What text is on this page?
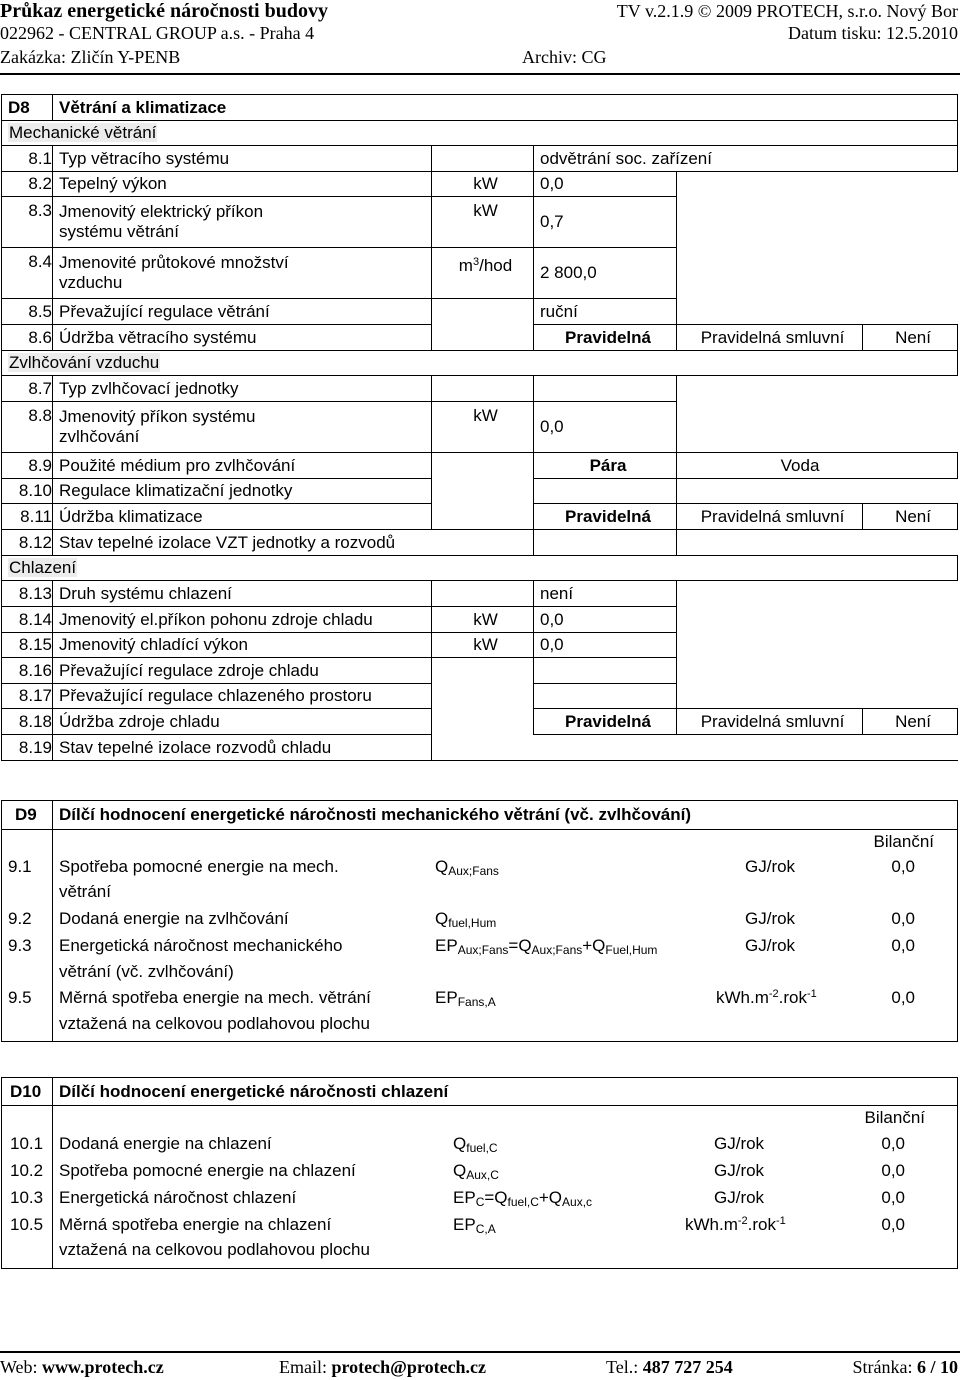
Průkaz energetické náročnosti budovy	TV v.2.1.9 © 2009 PROTECH, s.r.o. Nový Bor
022962 - CENTRAL GROUP a.s. - Praha 4	Datum tisku: 12.5.2010
Zakázka: Zličín Y-PENB	Archiv: CG
D8	Větrání a klimatizace				
Mechanické větrání					
8.1	Typ větracího systému		odvětrání soc. zařízení		
8.2	Tepelný výkon	kW	0,0		
8.3	Jmenovitý elektrický příkon
systému větrání	kW	0,7		
8.4	Jmenovité průtokové množství
vzduchu	$m^3$/hod	2 800,0		
8.5	Převažující regulace větrání		ruční		
8.6	Údržba větracího systému		Pravidelná	Pravidelná smluvní	Není
Zvlhčování vzduchu					
8.7	Typ zvlhčovací jednotky				
8.8	Jmenovitý příkon systému
zvlhčování	kW	0,0		
8.9	Použité médium pro zvlhčování		Pára	Voda	
8.10	Regulace klimatizační jednotky				
8.11	Údržba klimatizace		Pravidelná	Pravidelná smluvní	Není
8.12	Stav tepelné izolace VZT jednotky a rozvodů				
Chlazení					
8.13	Druh systému chlazení		není		
8.14	Jmenovitý el.příkon pohonu zdroje chladu	kW	0,0		
8.15	Jmenovitý chladící výkon	kW	0,0		
8.16	Převažující regulace zdroje chladu				
8.17	Převažující regulace chlazeného prostoru				
8.18	Údržba zdroje chladu		Pravidelná	Pravidelná smluvní	Není
8.19	Stav tepelné izolace rozvodů chladu				
D9 Dílčí hodnocení energetické náročnosti mechanického větrání (vč. zvlhčování)
Bilanční
9.1 Spotřeba pomocné energie na mech.
větrání
$Q_{Aux;Fans}$	GJ/rok	0,0
9.2 Dodaná energie na zvlhčování	$Q_{fuel,Hum}$	GJ/rok	0,0
9.3 Energetická náročnost mechanického
větrání (vč. zvlhčování)
$EP_{Aux;Fans}=Q_{Aux;Fans}+Q_{Fuel,Hum}$	GJ/rok	0,0
9.5 Měrná spotřeba energie na mech. větrání
vztažená na celkovou podlahovou plochu
$EP_{Fans,A}$	$kWh.m^{-2}.rok^{-1}$	0,0
D10 Dílčí hodnocení energetické náročnosti chlazení
Bilanční
10.1 Dodaná energie na chlazení	$Q_{fuel,C}$	GJ/rok	0,0
10.2 Spotřeba pomocné energie na chlazení	$Q_{Aux,C}$	GJ/rok	0,0
10.3 Energetická náročnost chlazení	$EP_C=Q_{fuel,C}+Q_{Aux,c}$	GJ/rok	0,0
10.5 Měrná spotřeba energie na chlazení
vztažená na celkovou podlahovou plochu
$EP_{C,A}$	$kWh.m^{-2}.rok^{-1}$	0,0
Web: www.protech.cz	Email: protech@protech.cz	Tel.: 487 727 254	Stránka: 6 / 10
